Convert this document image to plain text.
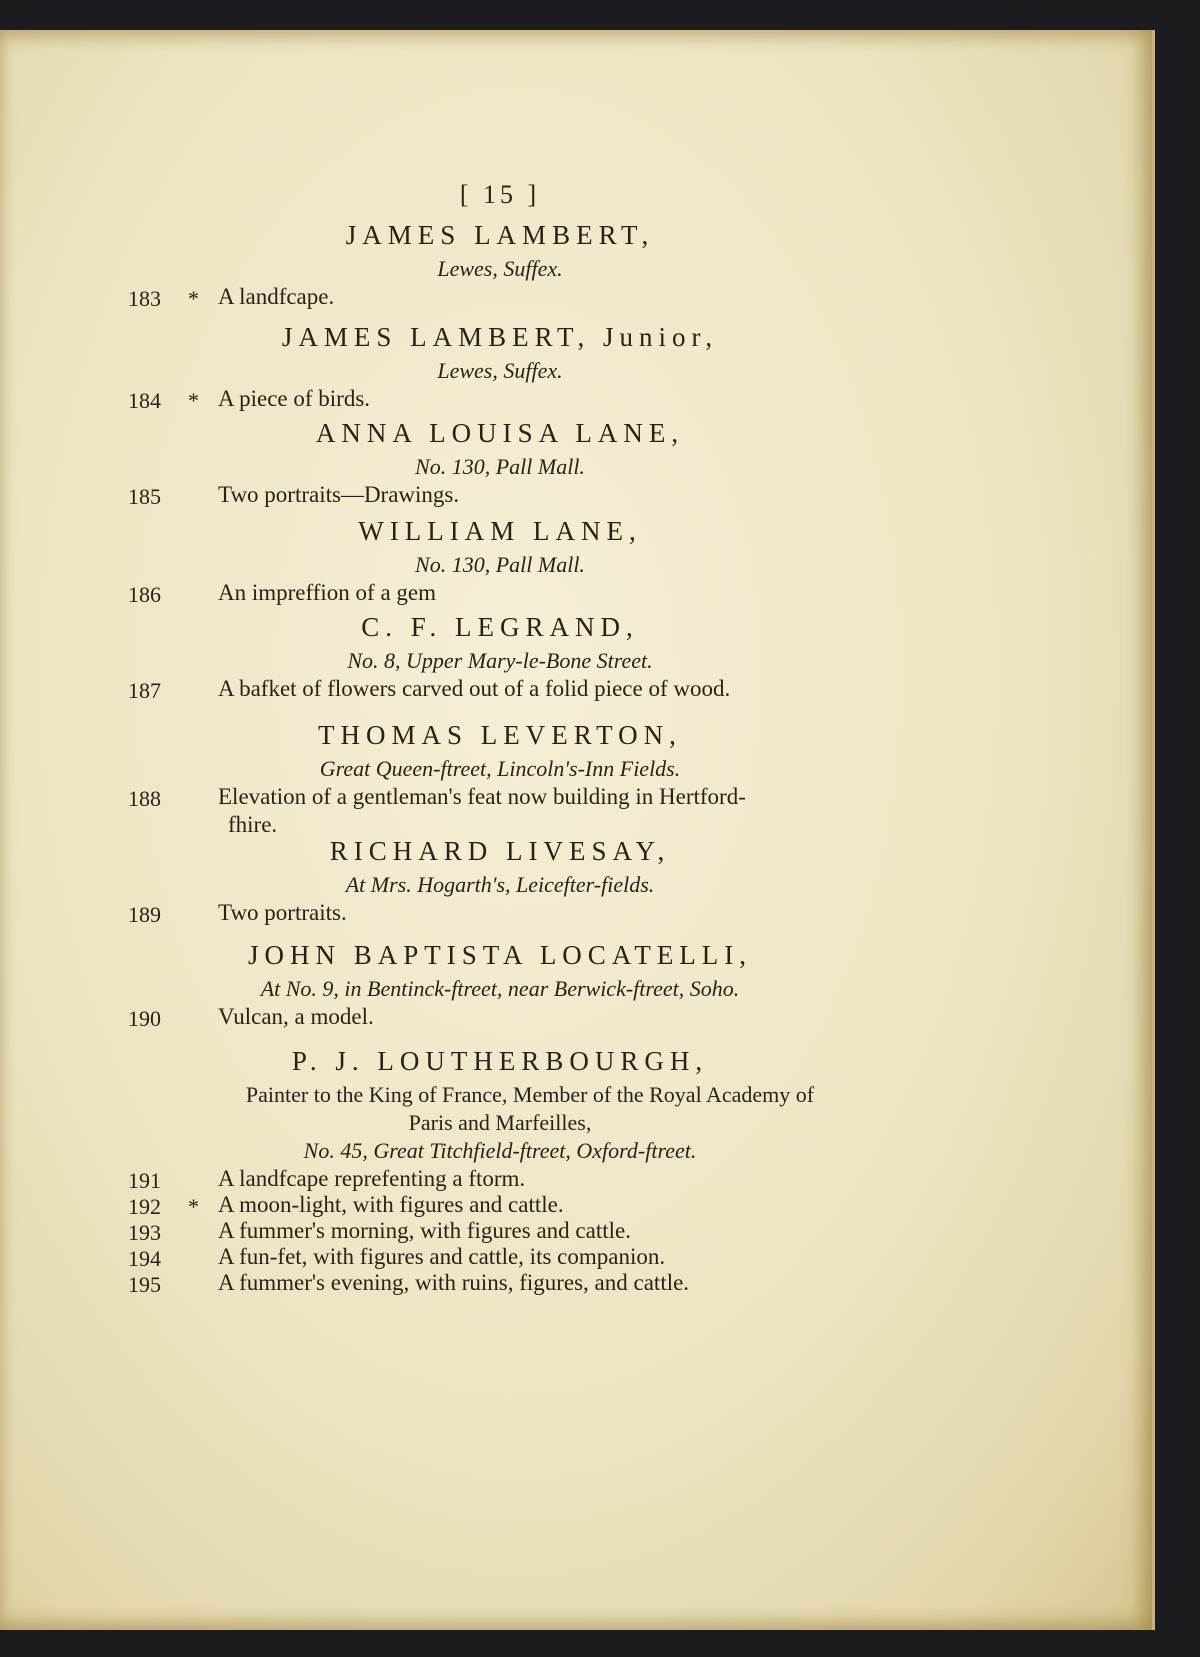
[ 15 ]
JAMES LAMBERT,
Lewes, Suffex.
183	* A landfcape.
JAMES LAMBERT, Junior,
Lewes, Suffex.
184	* A piece of birds.
ANNA LOUISA LANE,
No. 130, Pall Mall.
185	Two portraits—Drawings.
WILLIAM LANE,
No. 130, Pall Mall.
186	An impreffion of a gem
C. F. LEGRAND,
No. 8, Upper Mary-le-Bone Street.
187	A bafket of flowers carved out of a folid piece of wood.
THOMAS LEVERTON,
Great Queen-ftreet, Lincoln's-Inn Fields.
188	Elevation of a gentleman's feat now building in Hertford-
fhire.
RICHARD LIVESAY,
At Mrs. Hogarth's, Leicefter-fields.
189	Two portraits.
JOHN BAPTISTA LOCATELLI,
At No. 9, in Bentinck-ftreet, near Berwick-ftreet, Soho.
190	Vulcan, a model.
P. J. LOUTHERBOURGH,
Painter to the King of France, Member of the Royal Academy of
Paris and Marfeilles,
No. 45, Great Titchfield-ftreet, Oxford-ftreet.
191	A landfcape reprefenting a ftorm.
192	* A moon-light, with figures and cattle.
193	A fummer's morning, with figures and cattle.
194	A fun-fet, with figures and cattle, its companion.
195	A fummer's evening, with ruins, figures, and cattle.
